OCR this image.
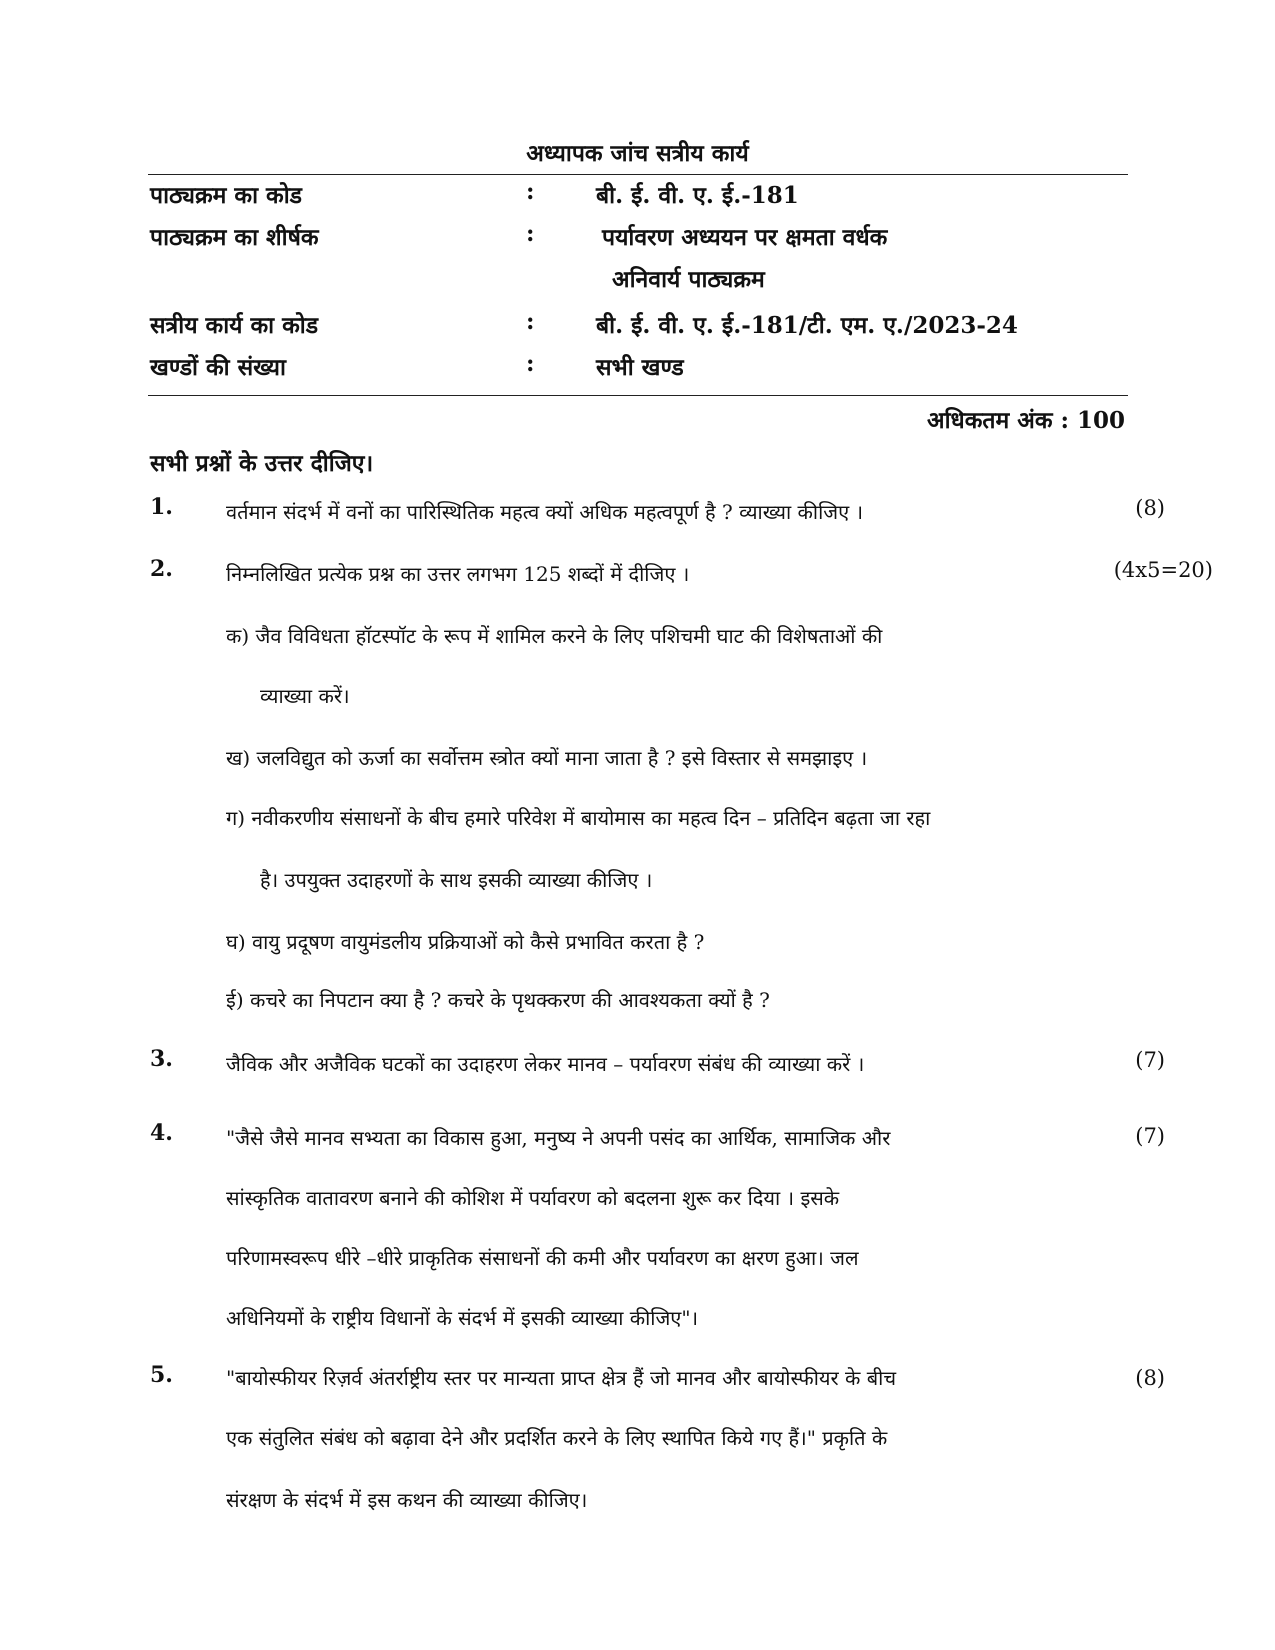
अध्यापक जांच सत्रीय कार्य
पाठ्यक्रम का कोड	:	बी. ई. वी. ए. ई.-181
पाठ्यक्रम का शीर्षक	:	पर्यावरण अध्ययन पर क्षमता वर्धक
अनिवार्य पाठ्यक्रम
सत्रीय कार्य का कोड	:	बी. ई. वी. ए. ई.-181/टी. एम. ए./2023-24
खण्डों की संख्या	:	सभी खण्ड
अधिकतम अंक : 100
सभी प्रश्नों के उत्तर दीजिए।
1.	वर्तमान संदर्भ में वनों का पारिस्थितिक महत्व क्यों अधिक महत्वपूर्ण है ? व्याख्या कीजिए ।	(8)
2.	निम्नलिखित प्रत्येक प्रश्न का उत्तर लगभग 125 शब्दों में दीजिए ।	(4x5=20)
क) जैव विविधता हॉटस्पॉट के रूप में शामिल करने के लिए पशिचमी घाट की विशेषताओं की
व्याख्या करें।
ख) जलविद्युत को ऊर्जा का सर्वोत्तम स्त्रोत क्यों माना जाता है ? इसे विस्तार से समझाइए ।
ग) नवीकरणीय संसाधनों के बीच हमारे परिवेश में बायोमास का महत्व दिन – प्रतिदिन बढ़ता जा रहा
है। उपयुक्त उदाहरणों के साथ इसकी व्याख्या कीजिए ।
घ) वायु प्रदूषण वायुमंडलीय प्रक्रियाओं को कैसे प्रभावित करता है ?
ई) कचरे का निपटान क्या है ? कचरे के पृथक्करण की आवश्यकता क्यों है ?
3.	जैविक और अजैविक घटकों का उदाहरण लेकर मानव – पर्यावरण संबंध की व्याख्या करें ।	(7)
4.	"जैसे जैसे मानव सभ्यता का विकास हुआ, मनुष्य ने अपनी पसंद का आर्थिक, सामाजिक और	(7)
सांस्कृतिक वातावरण बनाने की कोशिश में पर्यावरण को बदलना शुरू कर दिया । इसके
परिणामस्वरूप धीरे –धीरे प्राकृतिक संसाधनों की कमी और पर्यावरण का क्षरण हुआ। जल
अधिनियमों के राष्ट्रीय विधानों के संदर्भ में इसकी व्याख्या कीजिए"।
5.	"बायोस्फीयर रिज़र्व अंतर्राष्ट्रीय स्तर पर मान्यता प्राप्त क्षेत्र हैं जो मानव और बायोस्फीयर के बीच	(8)
एक संतुलित संबंध को बढ़ावा देने और प्रदर्शित करने के लिए स्थापित किये गए हैं।" प्रकृति के
संरक्षण के संदर्भ में इस कथन की व्याख्या कीजिए।
